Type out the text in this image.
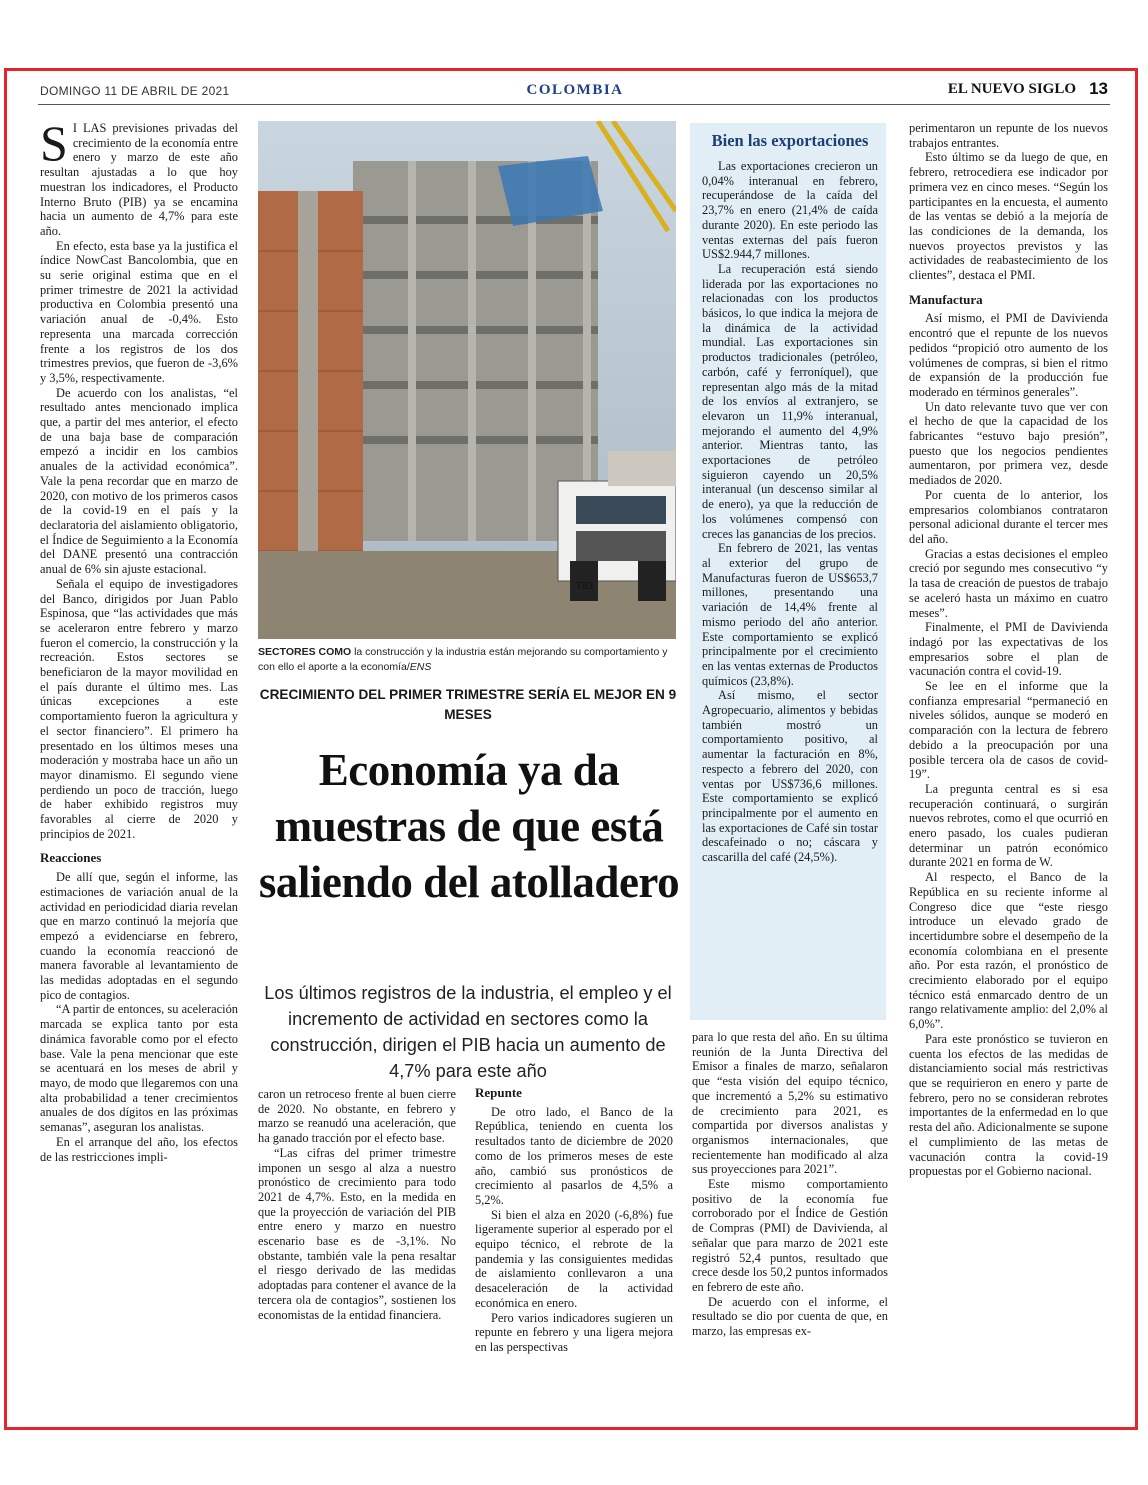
DOMINGO 11 DE ABRIL DE 2021	COLOMBIA	EL NUEVO SIGLO 13

S I LAS previsiones privadas del crecimiento de la economía entre enero y marzo de este año resultan ajustadas a lo que hoy muestran los indicadores, el Producto Interno Bruto (PIB) ya se encamina hacia un aumento de 4,7% para este año.

En efecto, esta base ya la justifica el índice NowCast Bancolombia, que en su serie original estima que en el primer trimestre de 2021 la actividad productiva en Colombia presentó una variación anual de -0,4%. Esto representa una marcada corrección frente a los registros de los dos trimestres previos, que fueron de -3,6% y 3,5%, respectivamente.

De acuerdo con los analistas, “el resultado antes mencionado implica que, a partir del mes anterior, el efecto de una baja base de comparación empezó a incidir en los cambios anuales de la actividad económica”. Vale la pena recordar que en marzo de 2020, con motivo de los primeros casos de la covid-19 en el país y la declaratoria del aislamiento obligatorio, el Índice de Seguimiento a la Economía del DANE presentó una contracción anual de 6% sin ajuste estacional.

Señala el equipo de investigadores del Banco, dirigidos por Juan Pablo Espinosa, que “las actividades que más se aceleraron entre febrero y marzo fueron el comercio, la construcción y la recreación. Estos sectores se beneficiaron de la mayor movilidad en el país durante el último mes. Las únicas excepciones a este comportamiento fueron la agricultura y el sector financiero”. El primero ha presentado en los últimos meses una moderación y mostraba hace un año un mayor dinamismo. El segundo viene perdiendo un poco de tracción, luego de haber exhibido registros muy favorables al cierre de 2020 y principios de 2021.

Reacciones

De allí que, según el informe, las estimaciones de variación anual de la actividad en periodicidad diaria revelan que en marzo continuó la mejoría que empezó a evidenciarse en febrero, cuando la economía reaccionó de manera favorable al levantamiento de las medidas adoptadas en el segundo pico de contagios.

“A partir de entonces, su aceleración marcada se explica tanto por esta dinámica favorable como por el efecto base. Vale la pena mencionar que este se acentuará en los meses de abril y mayo, de modo que llegaremos con una alta probabilidad a tener crecimientos anuales de dos dígitos en las próximas semanas”, aseguran los analistas.

En el arranque del año, los efectos de las restricciones impli-

T83
SECTORES COMO la construcción y la industria están mejorando su comportamiento y con ello el aporte a la economía/ENS
CRECIMIENTO DEL PRIMER TRIMESTRE SERÍA EL MEJOR EN 9 MESES
Economía ya da muestras de que está saliendo del atolladero
Los últimos registros de la industria, el empleo y el incremento de actividad en sectores como la construcción, dirigen el PIB hacia un aumento de 4,7% para este año

caron un retroceso frente al buen cierre de 2020. No obstante, en febrero y marzo se reanudó una aceleración, que ha ganado tracción por el efecto base.

“Las cifras del primer trimestre imponen un sesgo al alza a nuestro pronóstico de crecimiento para todo 2021 de 4,7%. Esto, en la medida en que la proyección de variación del PIB entre enero y marzo en nuestro escenario base es de -3,1%. No obstante, también vale la pena resaltar el riesgo derivado de las medidas adoptadas para contener el avance de la tercera ola de contagios”, sostienen los economistas de la entidad financiera.

Repunte

De otro lado, el Banco de la República, teniendo en cuenta los resultados tanto de diciembre de 2020 como de los primeros meses de este año, cambió sus pronósticos de crecimiento al pasarlos de 4,5% a 5,2%.

Si bien el alza en 2020 (-6,8%) fue ligeramente superior al esperado por el equipo técnico, el rebrote de la pandemia y las consiguientes medidas de aislamiento conllevaron a una desaceleración de la actividad económica en enero.

Pero varios indicadores sugieren un repunte en febrero y una ligera mejora en las perspectivas

Bien las exportaciones

Las exportaciones crecieron un 0,04% interanual en febrero, recuperándose de la caída del 23,7% en enero (21,4% de caída durante 2020). En este periodo las ventas externas del país fueron US$2.944,7 millones.

La recuperación está siendo liderada por las exportaciones no relacionadas con los productos básicos, lo que indica la mejora de la dinámica de la actividad mundial. Las exportaciones sin productos tradicionales (petróleo, carbón, café y ferroníquel), que representan algo más de la mitad de los envíos al extranjero, se elevaron un 11,9% interanual, mejorando el aumento del 4,9% anterior. Mientras tanto, las exportaciones de petróleo siguieron cayendo un 20,5% interanual (un descenso similar al de enero), ya que la reducción de los volúmenes compensó con creces las ganancias de los precios.

En febrero de 2021, las ventas al exterior del grupo de Manufacturas fueron de US$653,7 millones, presentando una variación de 14,4% frente al mismo periodo del año anterior. Este comportamiento se explicó principalmente por el crecimiento en las ventas externas de Productos químicos (23,8%).

Así mismo, el sector Agropecuario, alimentos y bebidas también mostró un comportamiento positivo, al aumentar la facturación en 8%, respecto a febrero del 2020, con ventas por US$736,6 millones. Este comportamiento se explicó principalmente por el aumento en las exportaciones de Café sin tostar descafeinado o no; cáscara y cascarilla del café (24,5%).

para lo que resta del año. En su última reunión de la Junta Directiva del Emisor a finales de marzo, señalaron que “esta visión del equipo técnico, que incrementó a 5,2% su estimativo de crecimiento para 2021, es compartida por diversos analistas y organismos internacionales, que recientemente han modificado al alza sus proyecciones para 2021”.

Este mismo comportamiento positivo de la economía fue corroborado por el Índice de Gestión de Compras (PMI) de Davivienda, al señalar que para marzo de 2021 este registró 52,4 puntos, resultado que crece desde los 50,2 puntos informados en febrero de este año.

De acuerdo con el informe, el resultado se dio por cuenta de que, en marzo, las empresas ex-

perimentaron un repunte de los nuevos trabajos entrantes.

Esto último se da luego de que, en febrero, retrocediera ese indicador por primera vez en cinco meses. “Según los participantes en la encuesta, el aumento de las ventas se debió a la mejoría de las condiciones de la demanda, los nuevos proyectos previstos y las actividades de reabastecimiento de los clientes”, destaca el PMI.

Manufactura

Así mismo, el PMI de Davivienda encontró que el repunte de los nuevos pedidos “propició otro aumento de los volúmenes de compras, si bien el ritmo de expansión de la producción fue moderado en términos generales”.

Un dato relevante tuvo que ver con el hecho de que la capacidad de los fabricantes “estuvo bajo presión”, puesto que los negocios pendientes aumentaron, por primera vez, desde mediados de 2020.

Por cuenta de lo anterior, los empresarios colombianos contrataron personal adicional durante el tercer mes del año.

Gracias a estas decisiones el empleo creció por segundo mes consecutivo “y la tasa de creación de puestos de trabajo se aceleró hasta un máximo en cuatro meses”.

Finalmente, el PMI de Davivienda indagó por las expectativas de los empresarios sobre el plan de vacunación contra el covid-19.

Se lee en el informe que la confianza empresarial “permaneció en niveles sólidos, aunque se moderó en comparación con la lectura de febrero debido a la preocupación por una posible tercera ola de casos de covid-19”.

La pregunta central es si esa recuperación continuará, o surgirán nuevos rebrotes, como el que ocurrió en enero pasado, los cuales pudieran determinar un patrón económico durante 2021 en forma de W.

Al respecto, el Banco de la República en su reciente informe al Congreso dice que “este riesgo introduce un elevado grado de incertidumbre sobre el desempeño de la economía colombiana en el presente año. Por esta razón, el pronóstico de crecimiento elaborado por el equipo técnico está enmarcado dentro de un rango relativamente amplio: del 2,0% al 6,0%”.

Para este pronóstico se tuvieron en cuenta los efectos de las medidas de distanciamiento social más restrictivas que se requirieron en enero y parte de febrero, pero no se consideran rebrotes importantes de la enfermedad en lo que resta del año. Adicionalmente se supone el cumplimiento de las metas de vacunación contra la covid-19 propuestas por el Gobierno nacional.
